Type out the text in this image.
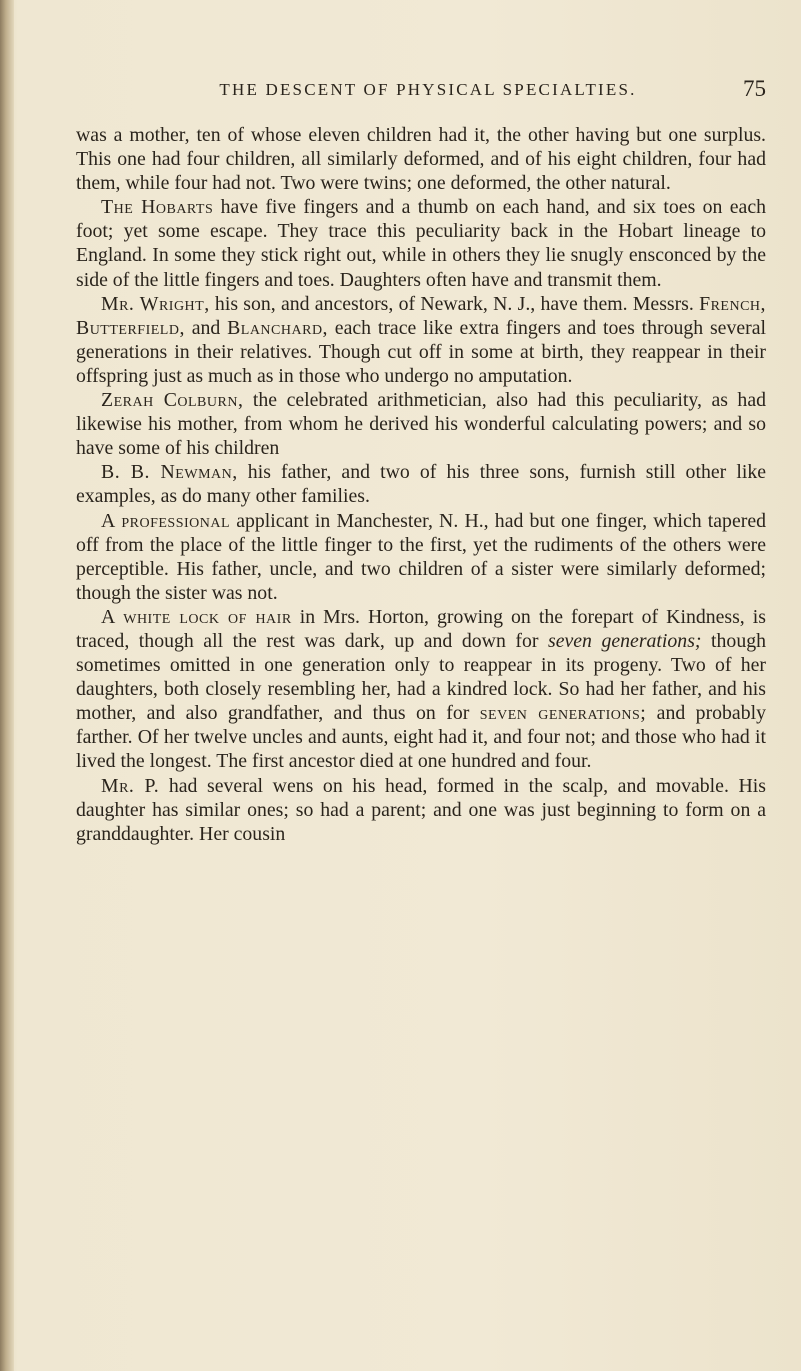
THE DESCENT OF PHYSICAL SPECIALTIES.	75

was a mother, ten of whose eleven children had it, the other having but one surplus. This one had four children, all similarly deformed, and of his eight children, four had them, while four had not. Two were twins; one deformed, the other natural.

The Hobarts have five fingers and a thumb on each hand, and six toes on each foot; yet some escape. They trace this peculiarity back in the Hobart lineage to England. In some they stick right out, while in others they lie snugly ensconced by the side of the little fingers and toes. Daughters often have and transmit them.

Mr. Wright, his son, and ancestors, of Newark, N. J., have them. Messrs. French, Butterfield, and Blanchard, each trace like extra fingers and toes through several generations in their relatives. Though cut off in some at birth, they reappear in their offspring just as much as in those who undergo no amputation.

Zerah Colburn, the celebrated arithmetician, also had this peculiarity, as had likewise his mother, from whom he derived his wonderful calculating powers; and so have some of his children

B. B. Newman, his father, and two of his three sons, furnish still other like examples, as do many other families.

A professional applicant in Manchester, N. H., had but one finger, which tapered off from the place of the little finger to the first, yet the rudiments of the others were perceptible. His father, uncle, and two children of a sister were similarly deformed; though the sister was not.

A white lock of hair in Mrs. Horton, growing on the forepart of Kindness, is traced, though all the rest was dark, up and down for seven generations; though sometimes omitted in one generation only to reappear in its progeny. Two of her daughters, both closely resembling her, had a kindred lock. So had her father, and his mother, and also grandfather, and thus on for seven generations; and probably farther. Of her twelve uncles and aunts, eight had it, and four not; and those who had it lived the longest. The first ancestor died at one hundred and four.

Mr. P. had several wens on his head, formed in the scalp, and movable. His daughter has similar ones; so had a parent; and one was just beginning to form on a granddaughter. Her cousin
